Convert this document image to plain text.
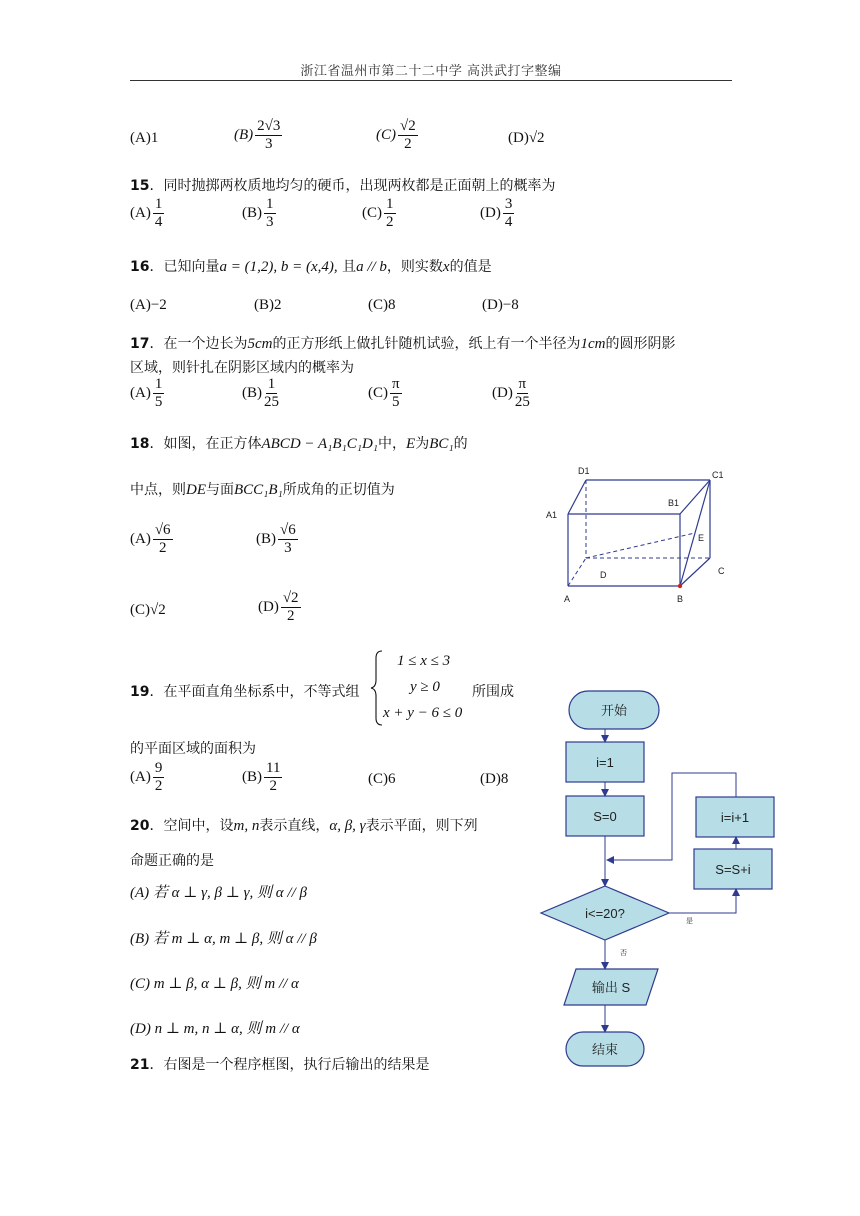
浙江省温州市第二十二中学 高洪武打字整编
(A)1	$(B) \frac{2√3}{3}$	$(C) \frac{√2}{2}$	(D)√2
15．同时抛掷两枚质地均匀的硬币，出现两枚都是正面朝上的概率为
$(A) \frac{1}{4}$	$(B) \frac{1}{3}$	$(C) \frac{1}{2}$	$(D) \frac{3}{4}$
16．已知向量a = (1,2), b = (x,4), 且a // b，则实数x的值是
(A)−2	(B)2	(C)8	(D)−8
17．在一个边长为5cm的正方形纸上做扎针随机试验，纸上有一个半径为1cm的圆形阴影
区域，则针扎在阴影区域内的概率为
$(A) \frac{1}{5}$	$(B) \frac{1}{25}$	$(C) \frac{\pi}{5}$	$(D) \frac{\pi}{25}$
18．如图，在正方体ABCD − A₁B₁C₁D₁中，E为BC₁的
中点，则DE与面BCC₁B₁所成角的正切值为
$(A) \frac{√6}{2}$	$(B) \frac{√6}{3}$
(C)√2	$(D) \frac{√2}{2}$
D1	C1
A1
B1
E
D	C
A	B
19．在平面直角坐标系中，不等式组
1 ≤ x ≤ 3
y ≥ 0
x + y − 6 ≤ 0
所围成
的平面区域的面积为
$(A) \frac{9}{2}$	$(B) \frac{11}{2}$	(C)6	(D)8
20．空间中，设m, n表示直线，α, β, γ表示平面，则下列
命题正确的是
(A) 若 α ⊥ γ, β ⊥ γ, 则 α // β
(B) 若 m ⊥ α, m ⊥ β, 则 α // β
(C) m ⊥ β, α ⊥ β, 则 m // α
(D) n ⊥ m, n ⊥ α, 则 m // α
21．右图是一个程序框图，执行后输出的结果是
开始
i=1
S=0	i=i+1
S=S+i
i<=20?
输出 S
结束
是
否
